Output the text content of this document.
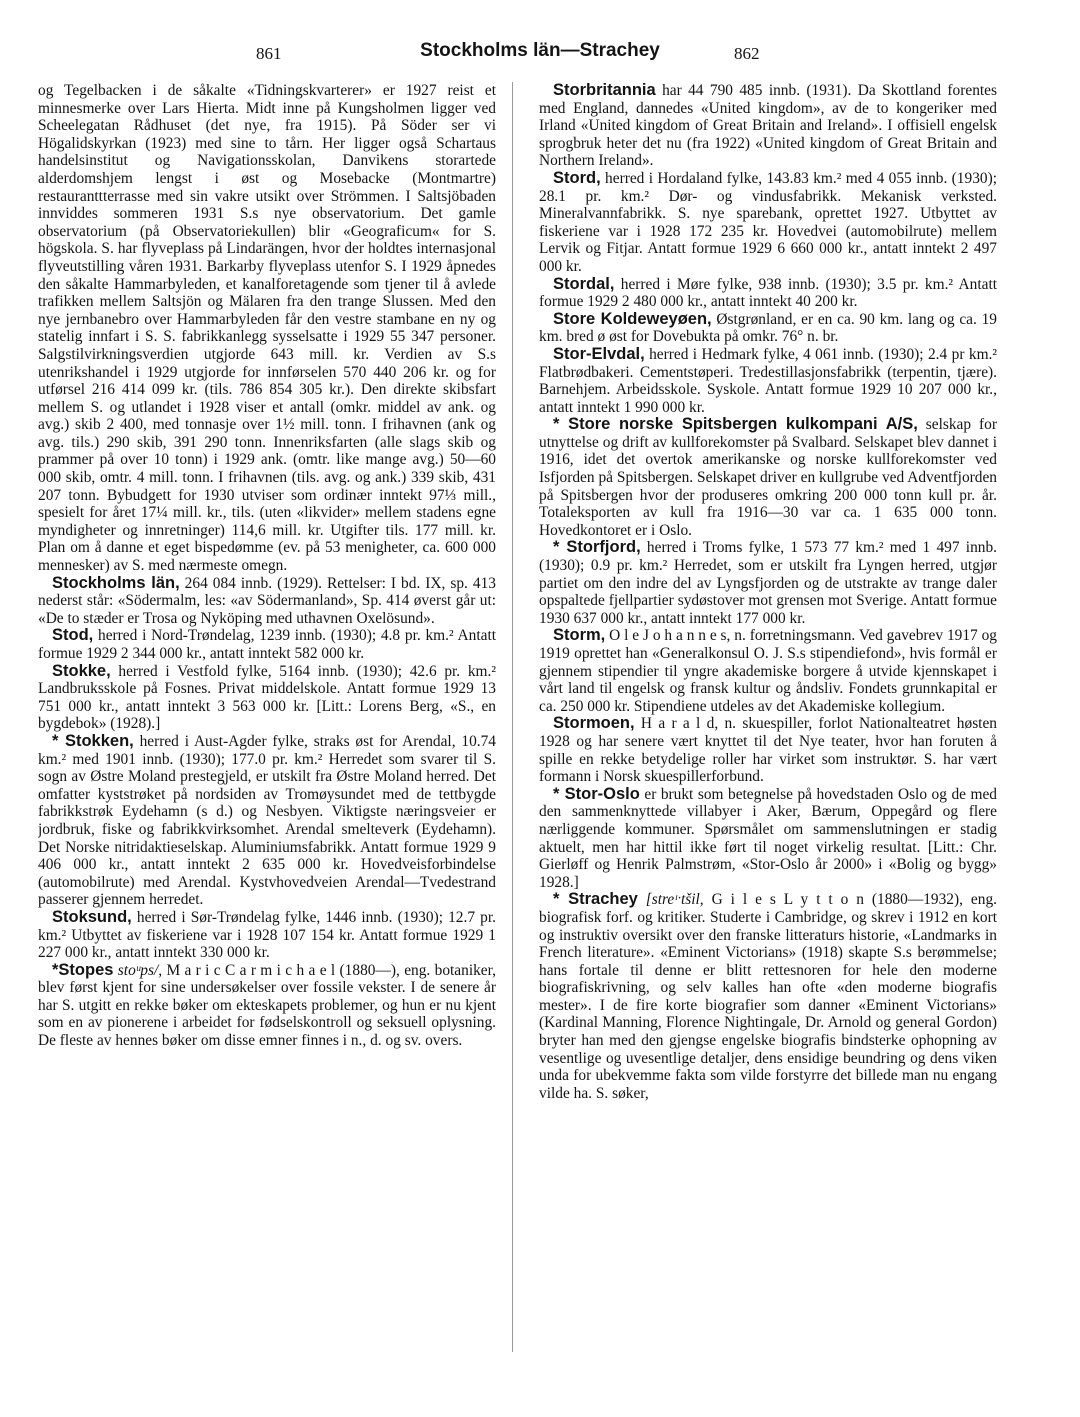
861	Stockholms län—Strachey	862

og Tegelbacken i de såkalte «Tidningskvarterer» er 1927 reist et minnesmerke over Lars Hierta. Midt inne på Kungsholmen ligger ved Scheelegatan Rådhuset (det nye, fra 1915). På Söder ser vi Högalidskyrkan (1923) med sine to tårn. Her ligger også Schartaus handelsinstitut og Navigationsskolan, Danvikens storartede alderdomshjem lengst i øst og Mosebacke (Montmartre) restauranttterrasse med sin vakre utsikt over Strömmen. I Saltsjöbaden innviddes sommeren 1931 S.s nye observatorium. Det gamle observatorium (på Observatoriekullen) blir «Geograficum« for S. högskola. S. har flyveplass på Lindarängen, hvor der holdtes internasjonal flyveutstilling våren 1931. Barkarby flyveplass utenfor S. I 1929 åpnedes den såkalte Hammarbyleden, et kanalforetagende som tjener til å avlede trafikken mellem Saltsjön og Mälaren fra den trange Slussen. Med den nye jernbanebro over Hammarbyleden får den vestre stambane en ny og statelig innfart i S. S. fabrikkanlegg sysselsatte i 1929 55 347 personer. Salgstilvirkningsverdien utgjorde 643 mill. kr. Verdien av S.s utenrikshandel i 1929 utgjorde for innførselen 570 440 206 kr. og for utførsel 216 414 099 kr. (tils. 786 854 305 kr.). Den direkte skibsfart mellem S. og utlandet i 1928 viser et antall (omkr. middel av ank. og avg.) skib 2 400, med tonnasje over 1½ mill. tonn. I frihavnen (ank og avg. tils.) 290 skib, 391 290 tonn. Innenriksfarten (alle slags skib og prammer på over 10 tonn) i 1929 ank. (omtr. like mange avg.) 50—60 000 skib, omtr. 4 mill. tonn. I frihavnen (tils. avg. og ank.) 339 skib, 431 207 tonn. Bybudgett for 1930 utviser som ordinær inntekt 97⅓ mill., spesielt for året 17¼ mill. kr., tils. (uten «likvider» mellem stadens egne myndigheter og innretninger) 114,6 mill. kr. Utgifter tils. 177 mill. kr. Plan om å danne et eget bispedømme (ev. på 53 menigheter, ca. 600 000 mennesker) av S. med nærmeste omegn.

Stockholms län, 264 084 innb. (1929). Rettelser: I bd. IX, sp. 413 nederst står: «Södermalm, les: «av Södermanland», Sp. 414 øverst går ut: «De to stæder er Trosa og Nyköping med uthavnen Oxelösund».

Stod, herred i Nord-Trøndelag, 1239 innb. (1930); 4.8 pr. km.² Antatt formue 1929 2 344 000 kr., antatt inntekt 582 000 kr.

Stokke, herred i Vestfold fylke, 5164 innb. (1930); 42.6 pr. km.² Landbruksskole på Fosnes. Privat middelskole. Antatt formue 1929 13 751 000 kr., antatt inntekt 3 563 000 kr. [Litt.: Lorens Berg, «S., en bygdebok» (1928).]

* Stokken, herred i Aust-Agder fylke, straks øst for Arendal, 10.74 km.² med 1901 innb. (1930); 177.0 pr. km.² Herredet som svarer til S. sogn av Østre Moland prestegjeld, er utskilt fra Østre Moland herred. Det omfatter kyststrøket på nordsiden av Tromøysundet med de tettbygde fabrikkstrøk Eydehamn (s d.) og Nesbyen. Viktigste næringsveier er jordbruk, fiske og fabrikkvirksomhet. Arendal smelteverk (Eydehamn). Det Norske nitridaktieselskap. Aluminiumsfabrikk. Antatt formue 1929 9 406 000 kr., antatt inntekt 2 635 000 kr. Hovedveisforbindelse (automobilrute) med Arendal. Kystvhovedveien Arendal—Tvedestrand passerer gjennem herredet.

Stoksund, herred i Sør-Trøndelag fylke, 1446 innb. (1930); 12.7 pr. km.² Utbyttet av fiskeriene var i 1928 107 154 kr. Antatt formue 1929 1 227 000 kr., antatt inntekt 330 000 kr.

*Stopes stoᵘps/, M a r i c C a r m i c h a e l (1880—), eng. botaniker, blev først kjent for sine undersøkelser over fossile vekster. I de senere år har S. utgitt en rekke bøker om ekteskapets problemer, og hun er nu kjent som en av pionerene i arbeidet for fødselskontroll og seksuell oplysning. De fleste av hennes bøker om disse emner finnes i n., d. og sv. overs.

Storbritannia har 44 790 485 innb. (1931). Da Skottland forentes med England, dannedes «United kingdom», av de to kongeriker med Irland «United kingdom of Great Britain and Ireland». I offisiell engelsk sprogbruk heter det nu (fra 1922) «United kingdom of Great Britain and Northern Ireland».

Stord, herred i Hordaland fylke, 143.83 km.² med 4 055 innb. (1930); 28.1 pr. km.² Dør- og vindusfabrikk. Mekanisk verksted. Mineralvannfabrikk. S. nye sparebank, oprettet 1927. Utbyttet av fiskeriene var i 1928 172 235 kr. Hovedvei (automobilrute) mellem Lervik og Fitjar. Antatt formue 1929 6 660 000 kr., antatt inntekt 2 497 000 kr.

Stordal, herred i Møre fylke, 938 innb. (1930); 3.5 pr. km.² Antatt formue 1929 2 480 000 kr., antatt inntekt 40 200 kr.

Store Koldeweyøen, Østgrønland, er en ca. 90 km. lang og ca. 19 km. bred ø øst for Dovebukta på omkr. 76° n. br.

Stor-Elvdal, herred i Hedmark fylke, 4 061 innb. (1930); 2.4 pr km.² Flatbrødbakeri. Cementstøperi. Tredestillasjonsfabrikk (terpentin, tjære). Barnehjem. Arbeidsskole. Syskole. Antatt formue 1929 10 207 000 kr., antatt inntekt 1 990 000 kr.

* Store norske Spitsbergen kulkompani A/S, selskap for utnyttelse og drift av kullforekomster på Svalbard. Selskapet blev dannet i 1916, idet det overtok amerikanske og norske kullforekomster ved Isfjorden på Spitsbergen. Selskapet driver en kullgrube ved Adventfjorden på Spitsbergen hvor der produseres omkring 200 000 tonn kull pr. år. Totaleksporten av kull fra 1916—30 var ca. 1 635 000 tonn. Hovedkontoret er i Oslo.

* Storfjord, herred i Troms fylke, 1 573 77 km.² med 1 497 innb. (1930); 0.9 pr. km.² Herredet, som er utskilt fra Lyngen herred, utgjør partiet om den indre del av Lyngsfjorden og de utstrakte av trange daler opspaltede fjellpartier sydøstover mot grensen mot Sverige. Antatt formue 1930 637 000 kr., antatt inntekt 177 000 kr.

Storm, O l e J o h a n n e s, n. forretningsmann. Ved gavebrev 1917 og 1919 oprettet han «Generalkonsul O. J. S.s stipendiefond», hvis formål er gjennem stipendier til yngre akademiske borgere å utvide kjennskapet i vårt land til engelsk og fransk kultur og åndsliv. Fondets grunnkapital er ca. 250 000 kr. Stipendiene utdeles av det Akademiske kollegium.

Stormoen, H a r a l d, n. skuespiller, forlot Nationalteatret høsten 1928 og har senere vært knyttet til det Nye teater, hvor han foruten å spille en rekke betydelige roller har virket som instruktør. S. har vært formann i Norsk skuespillerforbund.

* Stor-Oslo er brukt som betegnelse på hovedstaden Oslo og de med den sammenknyttede villabyer i Aker, Bærum, Oppegård og flere nærliggende kommuner. Spørsmålet om sammenslutningen er stadig aktuelt, men har hittil ikke ført til noget virkelig resultat. [Litt.: Chr. Gierløff og Henrik Palmstrøm, «Stor-Oslo år 2000» i «Bolig og bygg» 1928.]

* Strachey [streᶦˑtšil, G i l e s L y t t o n (1880—1932), eng. biografisk forf. og kritiker. Studerte i Cambridge, og skrev i 1912 en kort og instruktiv oversikt over den franske litteraturs historie, «Landmarks in French literature». «Eminent Victorians» (1918) skapte S.s berømmelse; hans fortale til denne er blitt rettesnoren for hele den moderne biografiskrivning, og selv kalles han ofte «den moderne biografis mester». I de fire korte biografier som danner «Eminent Victorians» (Kardinal Manning, Florence Nightingale, Dr. Arnold og general Gordon) bryter han med den gjengse engelske biografis bindsterke ophopning av vesentlige og uvesentlige detaljer, dens ensidige beundring og dens viken unda for ubekvemme fakta som vilde forstyrre det billede man nu engang vilde ha. S. søker,
